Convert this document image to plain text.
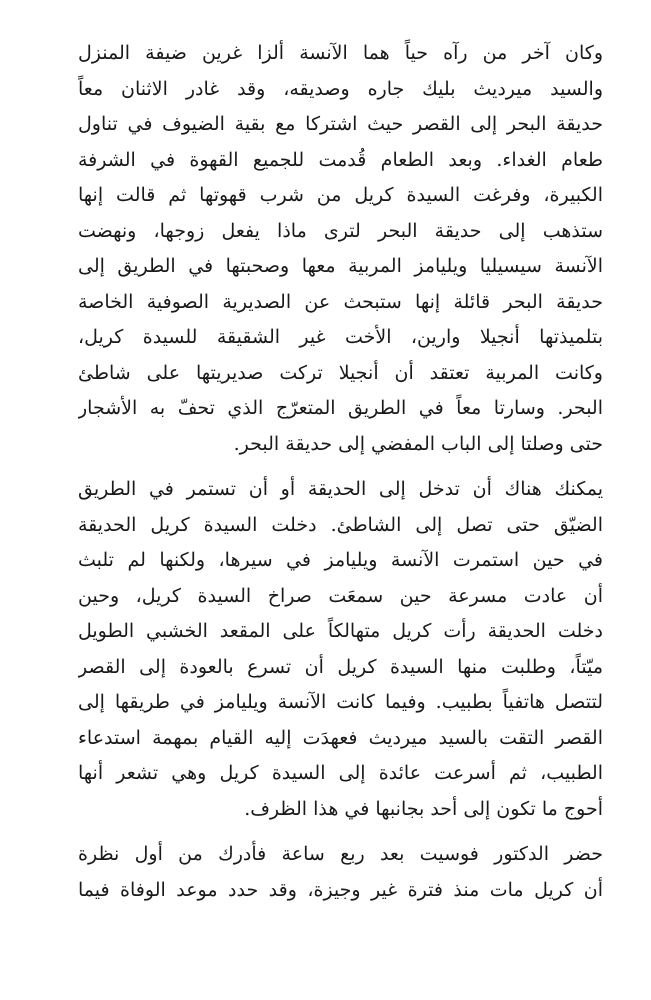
وكان آخر من رآه حياً هما الآنسة ألزا غرين ضيفة المنزل
والسيد ميرديث بليك جاره وصديقه، وقد غادر الاثنان معاً
حديقة البحر إلى القصر حيث اشتركا مع بقية الضيوف في تناول
طعام الغداء. وبعد الطعام قُدمت للجميع القهوة في الشرفة
الكبيرة، وفرغت السيدة كريل من شرب قهوتها ثم قالت إنها
ستذهب إلى حديقة البحر لترى ماذا يفعل زوجها، ونهضت
الآنسة سيسيليا ويليامز المربية معها وصحبتها في الطريق إلى
حديقة البحر قائلة إنها ستبحث عن الصديرية الصوفية الخاصة
بتلميذتها أنجيلا وارين، الأخت غير الشقيقة للسيدة كريل،
وكانت المربية تعتقد أن أنجيلا تركت صديريتها على شاطئ
البحر. وسارتا معاً في الطريق المتعرّج الذي تحفّ به الأشجار
حتى وصلتا إلى الباب المفضي إلى حديقة البحر.
يمكنك هناك أن تدخل إلى الحديقة أو أن تستمر في الطريق
الضيّق حتى تصل إلى الشاطئ. دخلت السيدة كريل الحديقة
في حين استمرت الآنسة ويليامز في سيرها، ولكنها لم تلبث
أن عادت مسرعة حين سمعَت صراخ السيدة كريل، وحين
دخلت الحديقة رأت كريل متهالكاً على المقعد الخشبي الطويل
ميّتاً، وطلبت منها السيدة كريل أن تسرع بالعودة إلى القصر
لتتصل هاتفياً بطبيب. وفيما كانت الآنسة ويليامز في طريقها إلى
القصر التقت بالسيد ميرديث فعهدَت إليه القيام بمهمة استدعاء
الطبيب، ثم أسرعت عائدة إلى السيدة كريل وهي تشعر أنها
أحوج ما تكون إلى أحد بجانبها في هذا الظرف.
حضر الدكتور فوسيت بعد ربع ساعة فأدرك من أول نظرة
أن كريل مات منذ فترة غير وجيزة، وقد حدد موعد الوفاة فيما
